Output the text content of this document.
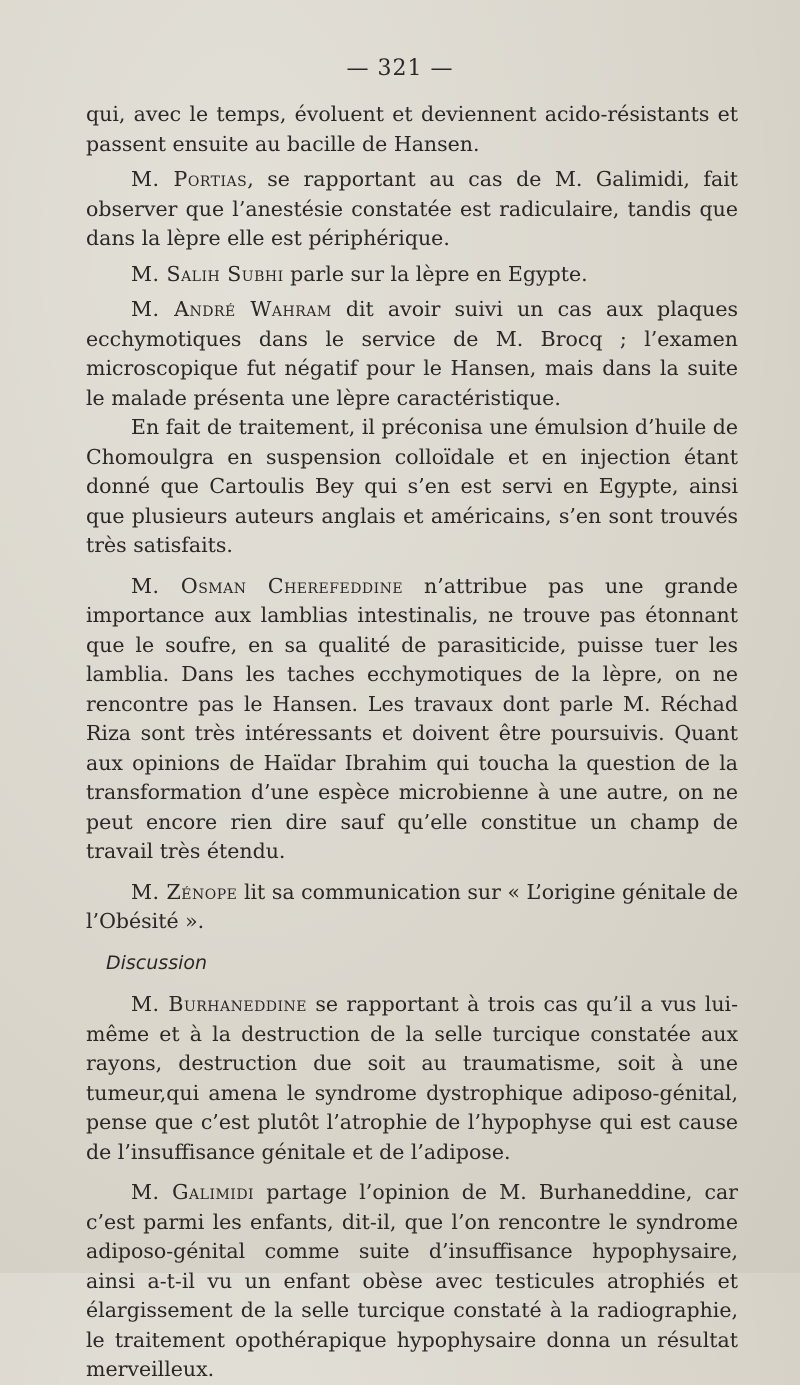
— 321 —

qui, avec le temps, évoluent et deviennent acido-résistants et passent ensuite au bacille de Hansen.

M. Portias, se rapportant au cas de M. Galimidi, fait observer que l’anestésie constatée est radiculaire, tandis que dans la lèpre elle est périphérique.

M. Salih Subhi parle sur la lèpre en Egypte.

M. André Wahram dit avoir suivi un cas aux plaques ecchymotiques dans le service de M. Brocq ; l’examen microscopique fut négatif pour le Hansen, mais dans la suite le malade présenta une lèpre caractéristique.

En fait de traitement, il préconisa une émulsion d’huile de Chomoulgra en suspension colloïdale et en injection étant donné que Cartoulis Bey qui s’en est servi en Egypte, ainsi que plusieurs auteurs anglais et américains, s’en sont trouvés très satisfaits.

M. Osman Cherefeddine n’attribue pas une grande importance aux lamblias intestinalis, ne trouve pas étonnant que le soufre, en sa qualité de parasiticide, puisse tuer les lamblia. Dans les taches ecchymotiques de la lèpre, on ne rencontre pas le Hansen. Les travaux dont parle M. Réchad Riza sont très intéressants et doivent être poursuivis. Quant aux opinions de Haïdar Ibrahim qui toucha la question de la transformation d’une espèce microbienne à une autre, on ne peut encore rien dire sauf qu’elle constitue un champ de travail très étendu.

M. Zénope lit sa communication sur « L’origine génitale de l’Obésité ».

Discussion

M. Burhaneddine se rapportant à trois cas qu’il a vus lui-même et à la destruction de la selle turcique constatée aux rayons, destruction due soit au traumatisme, soit à une tumeur,qui amena le syndrome dystrophique adiposo-génital, pense que c’est plutôt l’atrophie de l’hypophyse qui est cause de l’insuffisance génitale et de l’adipose.

M. Galimidi partage l’opinion de M. Burhaneddine, car c’est parmi les enfants, dit-il, que l’on rencontre le syndrome adiposo-génital comme suite d’insuffisance hypophysaire, ainsi a-t-il vu un enfant obèse avec testicules atrophiés et élargissement de la selle turcique constaté à la radiographie, le traitement opothérapique hypophysaire donna un résultat merveilleux.
